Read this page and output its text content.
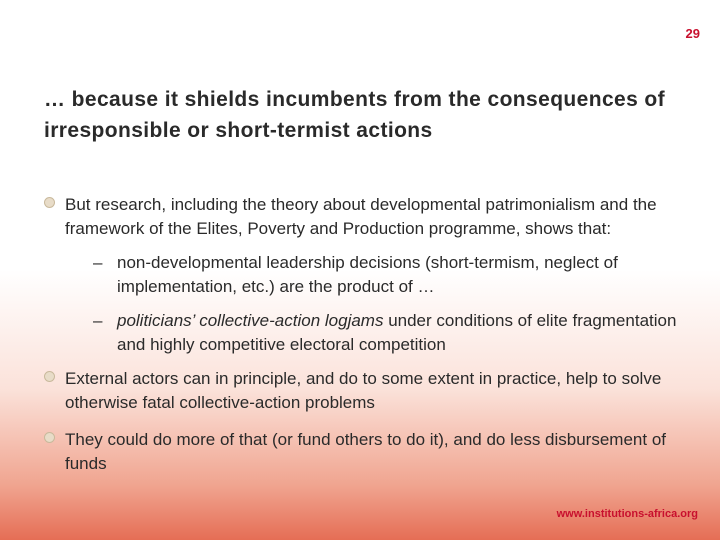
29
… because it shields incumbents from the consequences of irresponsible or short-termist actions
But research, including the theory about developmental patrimonialism and the framework of the Elites, Poverty and Production programme, shows that:
– non-developmental leadership decisions (short-termism, neglect of implementation, etc.) are the product of …
– politicians’ collective-action logjams under conditions of elite fragmentation and highly competitive electoral competition
External actors can in principle, and do to some extent in practice, help to solve otherwise fatal collective-action problems
They could do more of that (or fund others to do it), and do less disbursement of funds
www.institutions-africa.org
